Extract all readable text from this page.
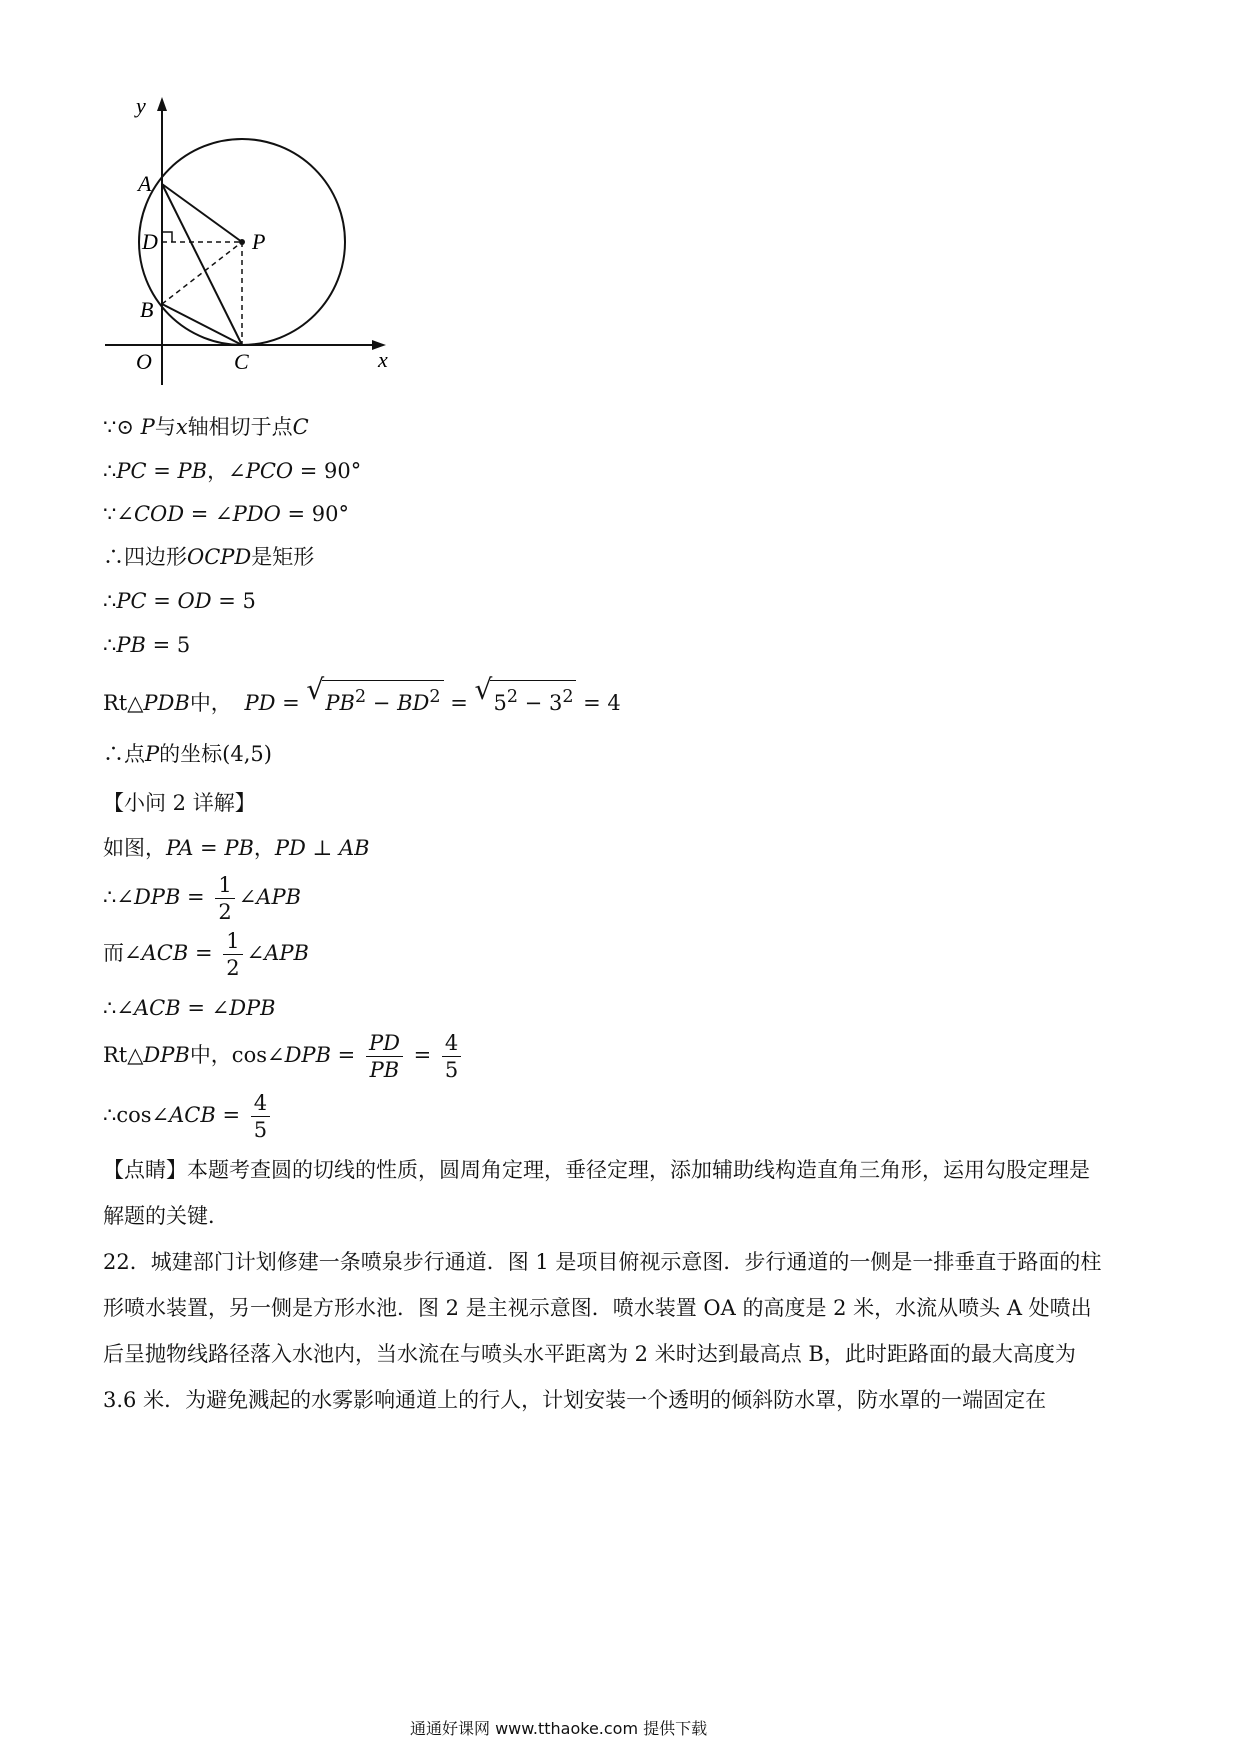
y
x
A
D	P
B
O	C
∵⊙ P与x轴相切于点C
∴PC = PB，∠PCO = 90°
∵∠COD = ∠PDO = 90°
∴四边形OCPD是矩形
∴PC = OD = 5
∴PB = 5
Rt△PDB中， PD = √ $PB^2 - BD^2$ = √ $5^2 - 3^2 = 4$
∴点P的坐标(4,5)
【小问 2 详解】
如图，PA = PB，PD ⊥ AB
∴∠DPB = $\frac{1}{2}$ ∠APB
而∠ACB = $\frac{1}{2}$ ∠APB
∴∠ACB = ∠DPB
Rt△DPB中，cos∠DPB = $\frac{PD}{PB} = \frac{4}{5}$
∴cos∠ACB = $\frac{4}{5}$
【点睛】本题考查圆的切线的性质，圆周角定理，垂径定理，添加辅助线构造直角三角形，运用勾股定理是解题的关键．
22．城建部门计划修建一条喷泉步行通道．图 1 是项目俯视示意图．步行通道的一侧是一排垂直于路面的柱形喷水装置，另一侧是方形水池．图 2 是主视示意图．喷水装置 OA 的高度是 2 米，水流从喷头 A 处喷出后呈抛物线路径落入水池内，当水流在与喷头水平距离为 2 米时达到最高点 B，此时距路面的最大高度为 3.6 米．为避免溅起的水雾影响通道上的行人，计划安装一个透明的倾斜防水罩，防水罩的一端固定在
通通好课网 www.tthaoke.com 提供下载
